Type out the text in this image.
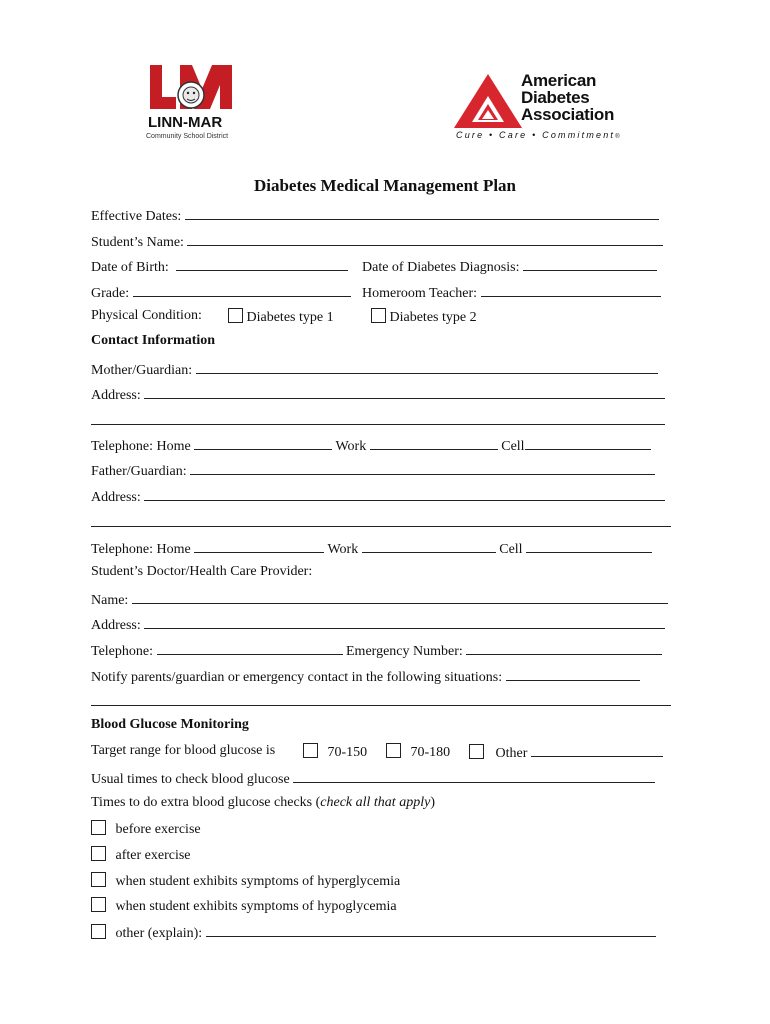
LINN-MAR
Community School District
American
Diabetes
Association
Cure • Care • Commitment®
Diabetes Medical Management Plan
Effective Dates:
Student’s Name:
Date of Birth:	Date of Diabetes Diagnosis:
Grade:	Homeroom Teacher:
Physical Condition:	Diabetes type 1	Diabetes type 2
Contact Information
Mother/Guardian:
Address:
Telephone: Home	Work	Cell
Father/Guardian:
Address:
Telephone: Home	Work	Cell
Student’s Doctor/Health Care Provider:
Name:
Address:
Telephone:	Emergency Number:
Notify parents/guardian or emergency contact in the following situations:
Blood Glucose Monitoring
Target range for blood glucose is	70-150	70-180	Other
Usual times to check blood glucose
Times to do extra blood glucose checks (check all that apply)
before exercise
after exercise
when student exhibits symptoms of hyperglycemia
when student exhibits symptoms of hypoglycemia
other (explain):
